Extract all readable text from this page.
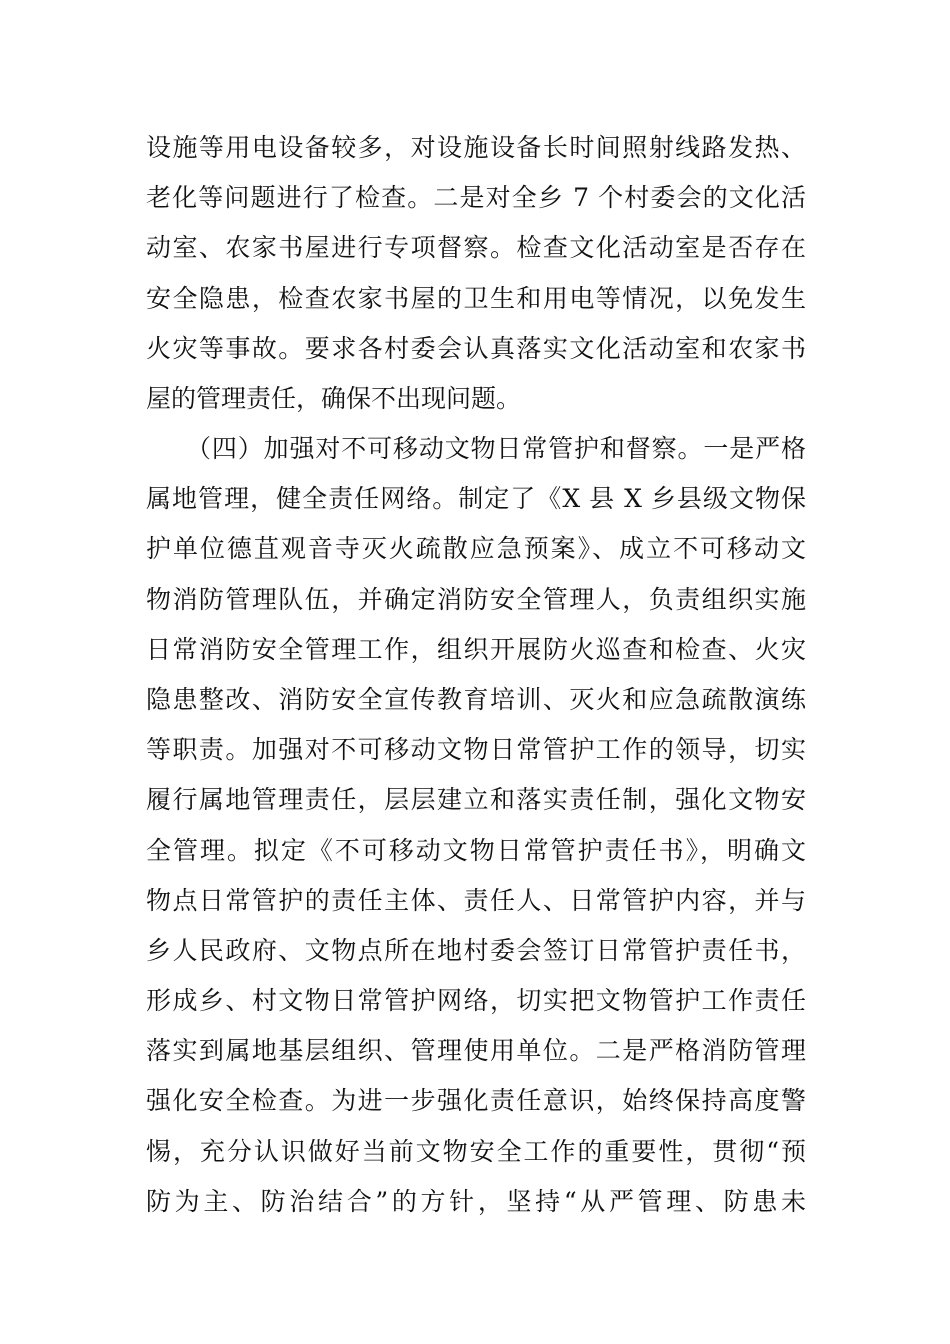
设施等用电设备较多，对设施设备长时间照射线路发热、
老化等问题进行了检查。二是对全乡 7 个村委会的文化活
动室、农家书屋进行专项督察。检查文化活动室是否存在
安全隐患，检查农家书屋的卫生和用电等情况，以免发生
火灾等事故。要求各村委会认真落实文化活动室和农家书
屋的管理责任，确保不出现问题。
（四）加强对不可移动文物日常管护和督察。一是严格
属地管理，健全责任网络。制定了《X 县 X 乡县级文物保
护单位德苴观音寺灭火疏散应急预案》、成立不可移动文
物消防管理队伍，并确定消防安全管理人，负责组织实施
日常消防安全管理工作，组织开展防火巡查和检查、火灾
隐患整改、消防安全宣传教育培训、灭火和应急疏散演练
等职责。加强对不可移动文物日常管护工作的领导，切实
履行属地管理责任，层层建立和落实责任制，强化文物安
全管理。拟定《不可移动文物日常管护责任书》，明确文
物点日常管护的责任主体、责任人、日常管护内容，并与
乡人民政府、文物点所在地村委会签订日常管护责任书，
形成乡、村文物日常管护网络，切实把文物管护工作责任
落实到属地基层组织、管理使用单位。二是严格消防管理
强化安全检查。为进一步强化责任意识，始终保持高度警
惕，充分认识做好当前文物安全工作的重要性，贯彻“预
防为主、防治结合”的方针，坚持“从严管理、防患未
